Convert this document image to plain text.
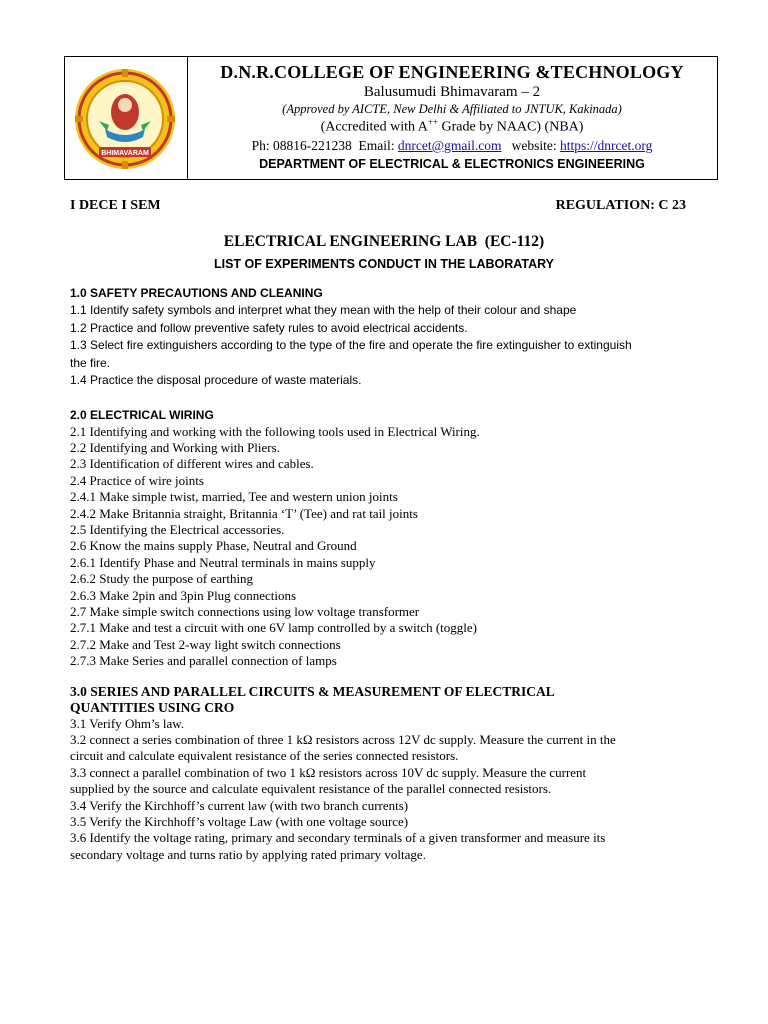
BHIMAVARAM
D.N.R.COLLEGE OF ENGINEERING &TECHNOLOGY
Balusumudi Bhimavaram – 2
(Approved by AICTE, New Delhi & Affiliated to JNTUK, Kakinada)
(Accredited with A++ Grade by NAAC) (NBA)
Ph: 08816-221238  Email: dnrcet@gmail.com   website: https://dnrcet.org
DEPARTMENT OF ELECTRICAL & ELECTRONICS ENGINEERING
I DECE I SEM	REGULATION: C 23
ELECTRICAL ENGINEERING LAB  (EC-112)
LIST OF EXPERIMENTS CONDUCT IN THE LABORATARY
1.0 SAFETY PRECAUTIONS AND CLEANING
1.1 Identify safety symbols and interpret what they mean with the help of their colour and shape
1.2 Practice and follow preventive safety rules to avoid electrical accidents.
1.3 Select fire extinguishers according to the type of the fire and operate the fire extinguisher to extinguish
the fire.
1.4 Practice the disposal procedure of waste materials.
2.0 ELECTRICAL WIRING
2.1 Identifying and working with the following tools used in Electrical Wiring.
2.2 Identifying and Working with Pliers.
2.3 Identification of different wires and cables.
2.4 Practice of wire joints
2.4.1 Make simple twist, married, Tee and western union joints
2.4.2 Make Britannia straight, Britannia ‘T’ (Tee) and rat tail joints
2.5 Identifying the Electrical accessories.
2.6 Know the mains supply Phase, Neutral and Ground
2.6.1 Identify Phase and Neutral terminals in mains supply
2.6.2 Study the purpose of earthing
2.6.3 Make 2pin and 3pin Plug connections
2.7 Make simple switch connections using low voltage transformer
2.7.1 Make and test a circuit with one 6V lamp controlled by a switch (toggle)
2.7.2 Make and Test 2-way light switch connections
2.7.3 Make Series and parallel connection of lamps
3.0 SERIES AND PARALLEL CIRCUITS & MEASUREMENT OF ELECTRICAL
QUANTITIES USING CRO
3.1 Verify Ohm’s law.
3.2 connect a series combination of three 1 kΩ resistors across 12V dc supply. Measure the current in the
circuit and calculate equivalent resistance of the series connected resistors.
3.3 connect a parallel combination of two 1 kΩ resistors across 10V dc supply. Measure the current
supplied by the source and calculate equivalent resistance of the parallel connected resistors.
3.4 Verify the Kirchhoff’s current law (with two branch currents)
3.5 Verify the Kirchhoff’s voltage Law (with one voltage source)
3.6 Identify the voltage rating, primary and secondary terminals of a given transformer and measure its
secondary voltage and turns ratio by applying rated primary voltage.
